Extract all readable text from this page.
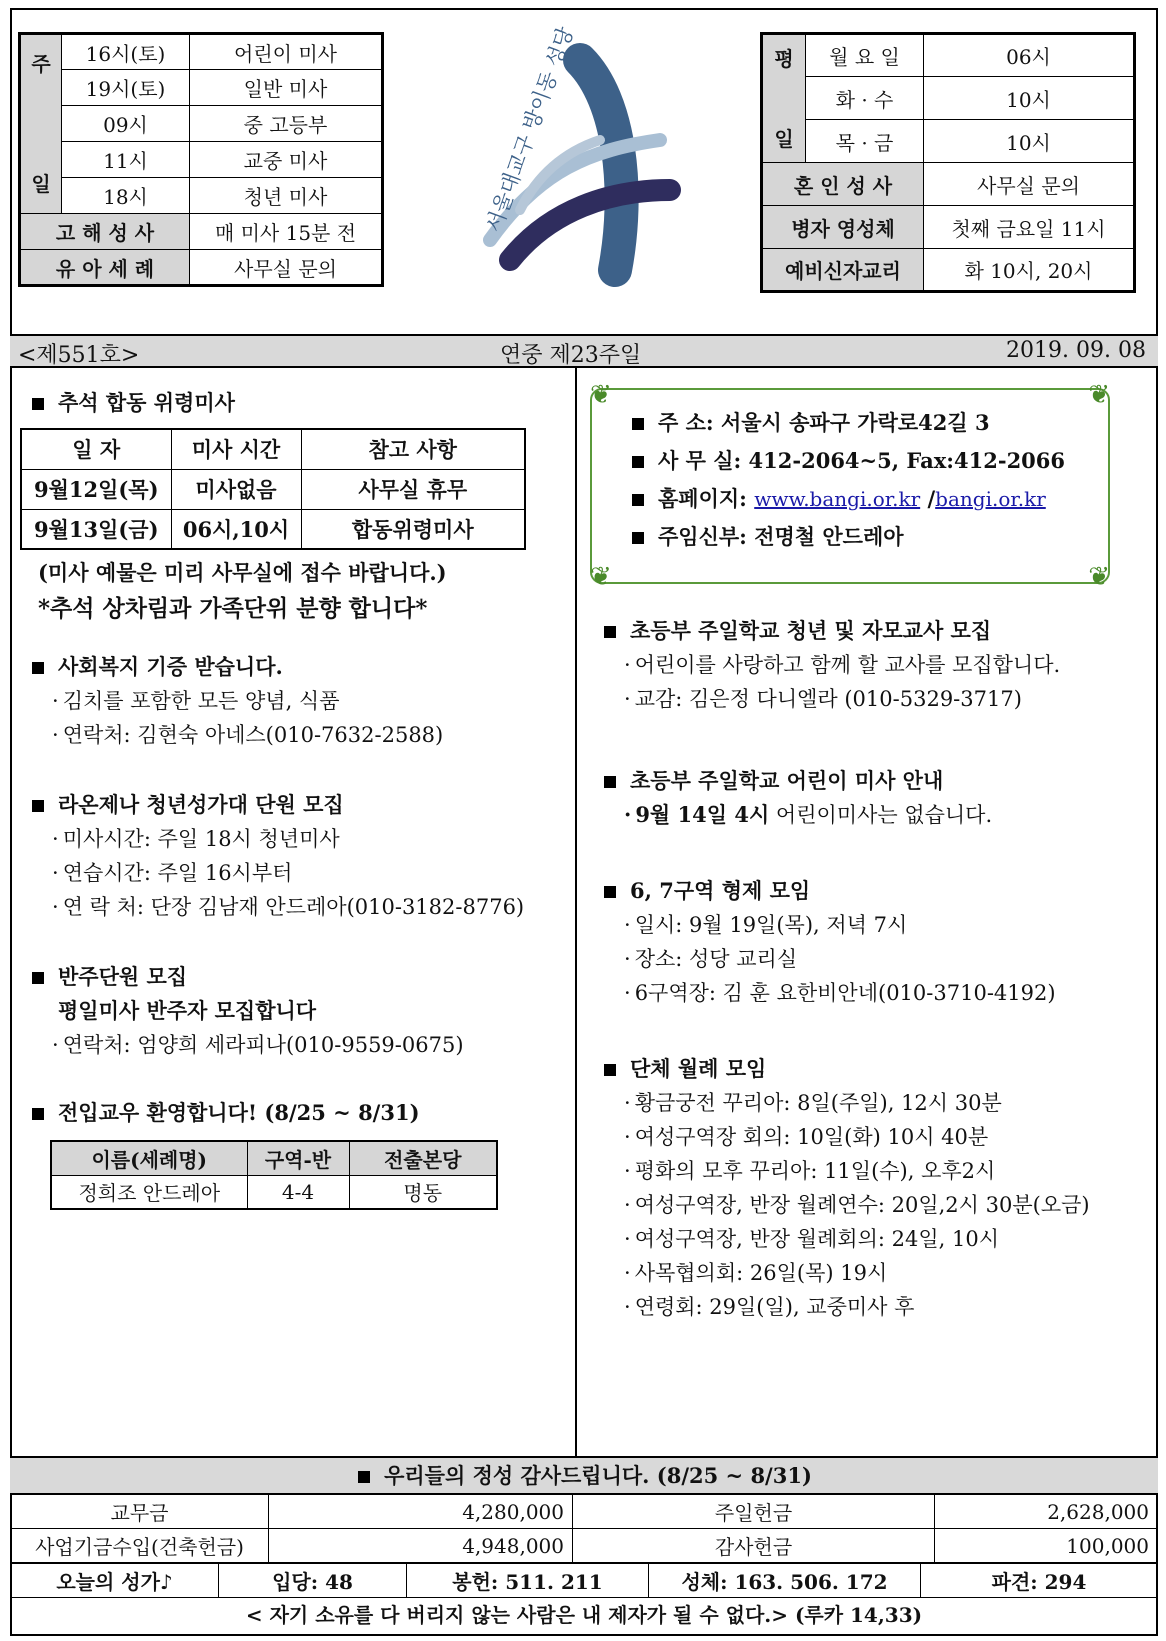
주

일	16시(토)	어린이 미사
	19시(토)	일반 미사
	09시	중 고등부
	11시	교중 미사
	18시	청년 미사
고 해 성 사		매 미사 15분 전
유 아 세 례		사무실 문의
서울대교구 방이동 성당	평

일	월 요 일	06시
	화 · 수	10시
	목 · 금	10시
혼 인 성 사		사무실 문의
병자 영성체		첫째 금요일 11시
예비신자교리		화 10시, 20시
<제551호>	연중 제23주일	2019. 09. 08
추석 합동 위령미사
일 자	미사 시간	참고 사항
9월12일(목)	미사없음	사무실 휴무
9월13일(금)	06시,10시	합동위령미사
(미사 예물은 미리 사무실에 접수 바랍니다.)
*추석 상차림과 가족단위 분향 합니다*
사회복지 기증 받습니다.
· 김치를 포함한 모든 양념, 식품
· 연락처: 김현숙 아네스(010-7632-2588)
라온제나 청년성가대 단원 모집
· 미사시간: 주일 18시 청년미사
· 연습시간: 주일 16시부터
· 연 락 처: 단장 김남재 안드레아(010-3182-8776)
반주단원 모집
평일미사 반주자 모집합니다
· 연락처: 엄양희 세라피나(010-9559-0675)
전입교우 환영합니다! (8/25 ~ 8/31)
이름(세례명)	구역-반	전출본당
정희조 안드레아	4-4	명동
❦	❦
❦	❦
주 소: 서울시 송파구 가락로42길 3
사 무 실: 412-2064~5, Fax:412-2066
홈페이지: www.bangi.or.kr /bangi.or.kr
주임신부: 전명철 안드레아
초등부 주일학교 청년 및 자모교사 모집
· 어린이를 사랑하고 함께 할 교사를 모집합니다.
· 교감: 김은정 다니엘라 (010-5329-3717)
초등부 주일학교 어린이 미사 안내
· 9월 14일 4시 어린이미사는 없습니다.
6, 7구역 형제 모임
· 일시: 9월 19일(목), 저녁 7시
· 장소: 성당 교리실
· 6구역장: 김 훈 요한비안네(010-3710-4192)
단체 월례 모임
· 황금궁전 꾸리아: 8일(주일), 12시 30분
· 여성구역장 회의: 10일(화) 10시 40분
· 평화의 모후 꾸리아: 11일(수), 오후2시
· 여성구역장, 반장 월례연수: 20일,2시 30분(오금)
· 여성구역장, 반장 월례회의: 24일, 10시
· 사목협의회: 26일(목) 19시
· 연령회: 29일(일), 교중미사 후
우리들의 정성 감사드립니다. (8/25 ~ 8/31)
교무금	4,280,000	주일헌금	2,628,000
사업기금수입(건축헌금)	4,948,000	감사헌금	100,000
오늘의 성가♪	입당: 48	봉헌: 511. 211	성체: 163. 506. 172	파견: 294
< 자기 소유를 다 버리지 않는 사람은 내 제자가 될 수 없다.> (루카 14,33)
